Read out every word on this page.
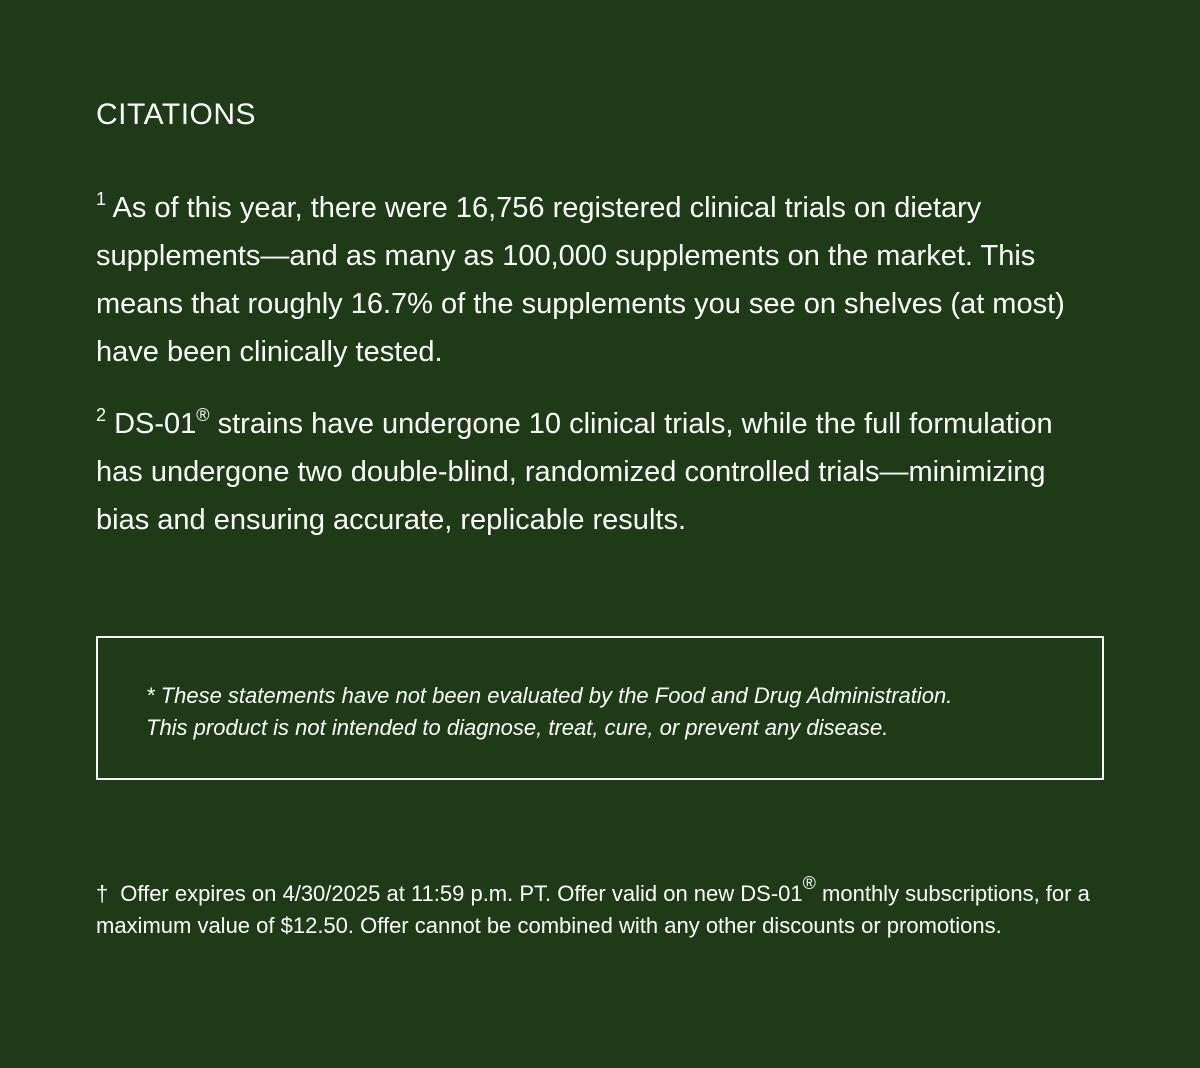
CITATIONS

$^1$ As of this year, there were 16,756 registered clinical trials on dietary supplements—and as many as 100,000 supplements on the market. This means that roughly 16.7% of the supplements you see on shelves (at most) have been clinically tested.

$^2$ DS-01® strains have undergone 10 clinical trials, while the full formulation has undergone two double-blind, randomized controlled trials—minimizing bias and ensuring accurate, replicable results.

* These statements have not been evaluated by the Food and Drug Administration.
This product is not intended to diagnose, treat, cure, or prevent any disease.

† Offer expires on 4/30/2025 at 11:59 p.m. PT. Offer valid on new DS-01® monthly subscriptions, for a maximum value of $12.50. Offer cannot be combined with any other discounts or promotions.
